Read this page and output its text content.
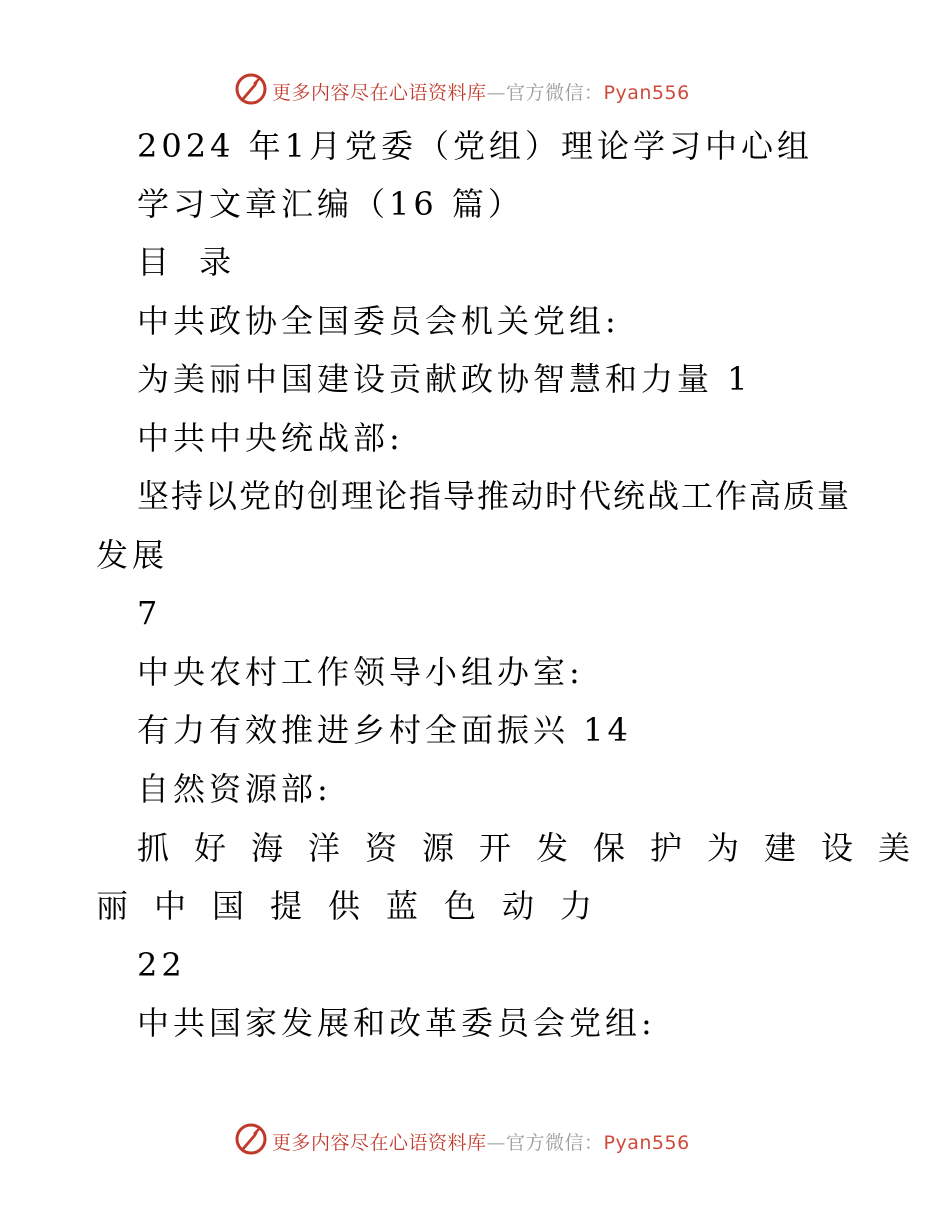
更多内容尽在心语资料库—官方微信：Pyan556
2024 年1月党委（党组）理论学习中心组
学习文章汇编（16 篇）
目 录
中共政协全国委员会机关党组:
为美丽中国建设贡献政协智慧和力量 1
中共中央统战部:
坚持以党的创理论指导推动时代统战工作高质量
发展
7
中央农村工作领导小组办室:
有力有效推进乡村全面振兴 14
自然资源部:
抓好海洋资源开发保护为建设美
丽中国提供蓝色动力
22
中共国家发展和改革委员会党组:
更多内容尽在心语资料库—官方微信：Pyan556
